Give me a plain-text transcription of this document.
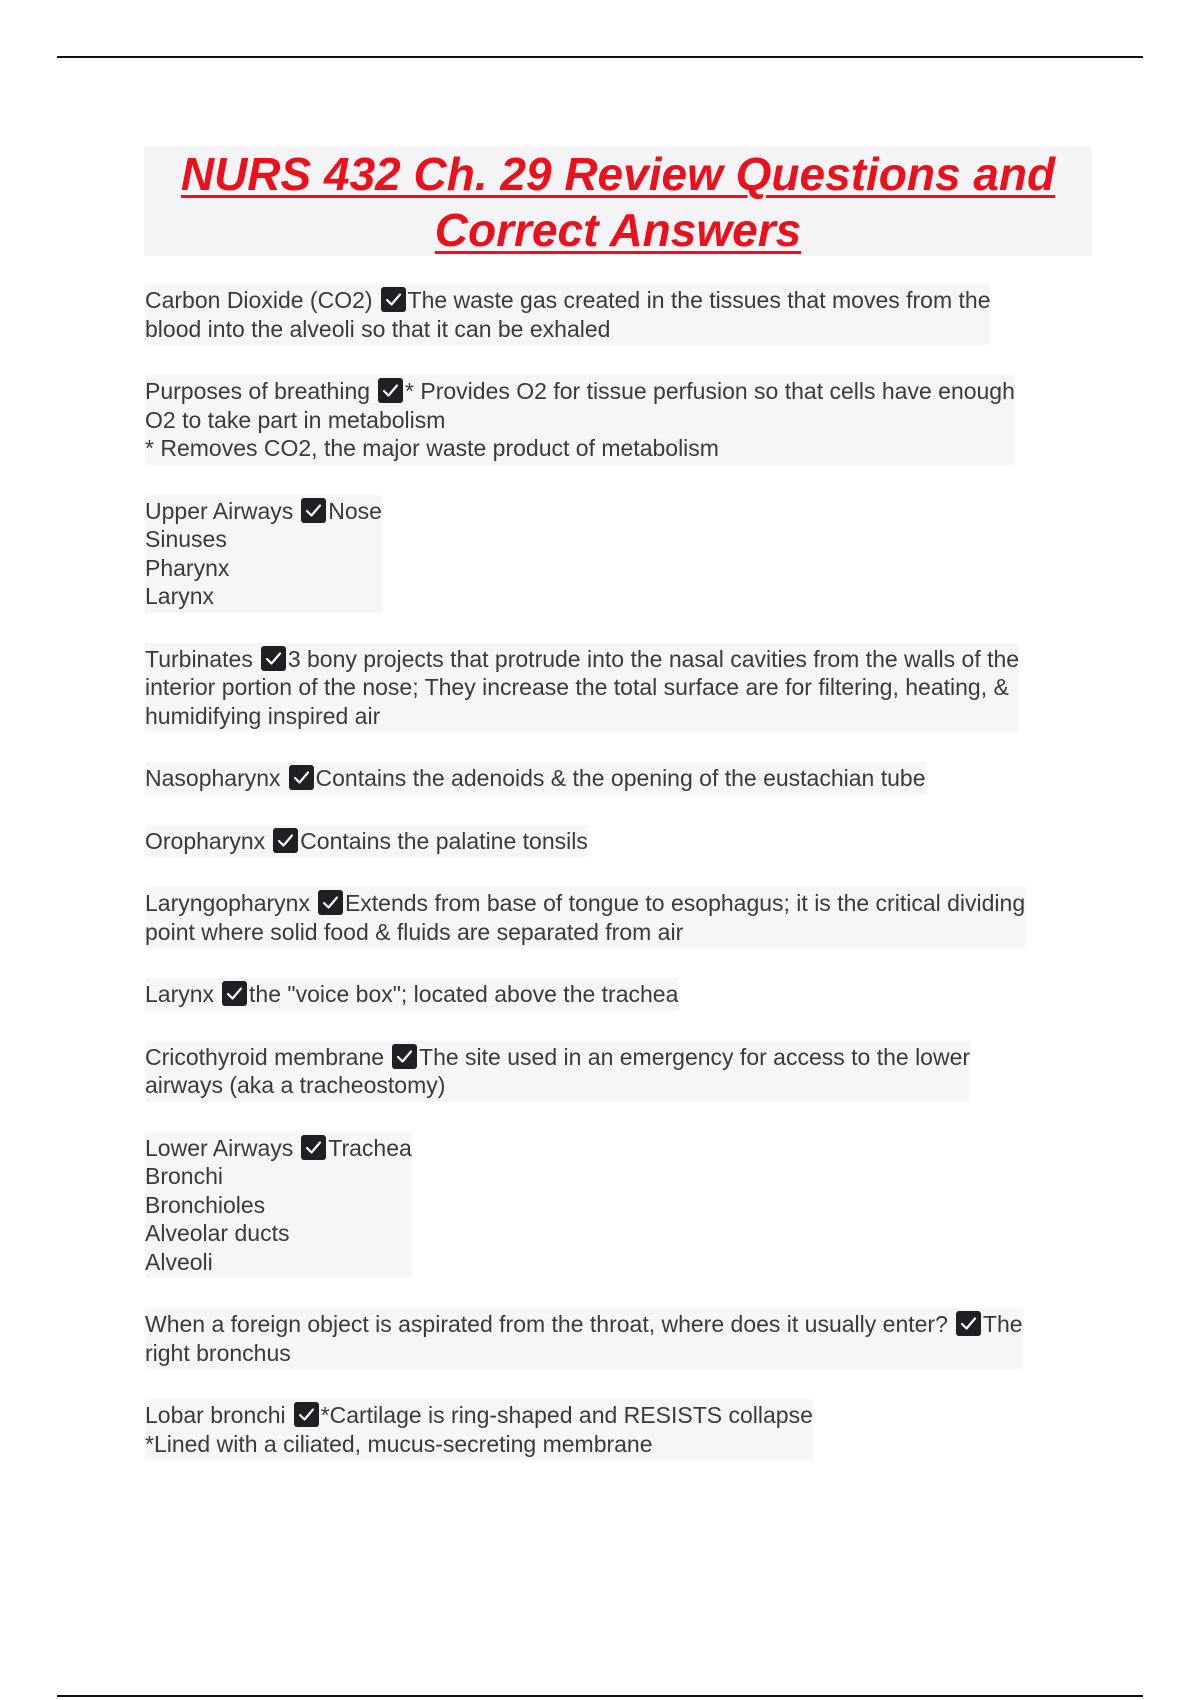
NURS 432 Ch. 29 Review Questions and
Correct Answers
Carbon Dioxide (CO2) The waste gas created in the tissues that moves from the
blood into the alveoli so that it can be exhaled
Purposes of breathing * Provides O2 for tissue perfusion so that cells have enough
O2 to take part in metabolism
* Removes CO2, the major waste product of metabolism
Upper Airways Nose
Sinuses
Pharynx
Larynx
Turbinates 3 bony projects that protrude into the nasal cavities from the walls of the
interior portion of the nose; They increase the total surface are for filtering, heating, &
humidifying inspired air
Nasopharynx Contains the adenoids & the opening of the eustachian tube
Oropharynx Contains the palatine tonsils
Laryngopharynx Extends from base of tongue to esophagus; it is the critical dividing
point where solid food & fluids are separated from air
Larynx the "voice box"; located above the trachea
Cricothyroid membrane The site used in an emergency for access to the lower
airways (aka a tracheostomy)
Lower Airways Trachea
Bronchi
Bronchioles
Alveolar ducts
Alveoli
When a foreign object is aspirated from the throat, where does it usually enter? The
right bronchus
Lobar bronchi *Cartilage is ring-shaped and RESISTS collapse
*Lined with a ciliated, mucus-secreting membrane
